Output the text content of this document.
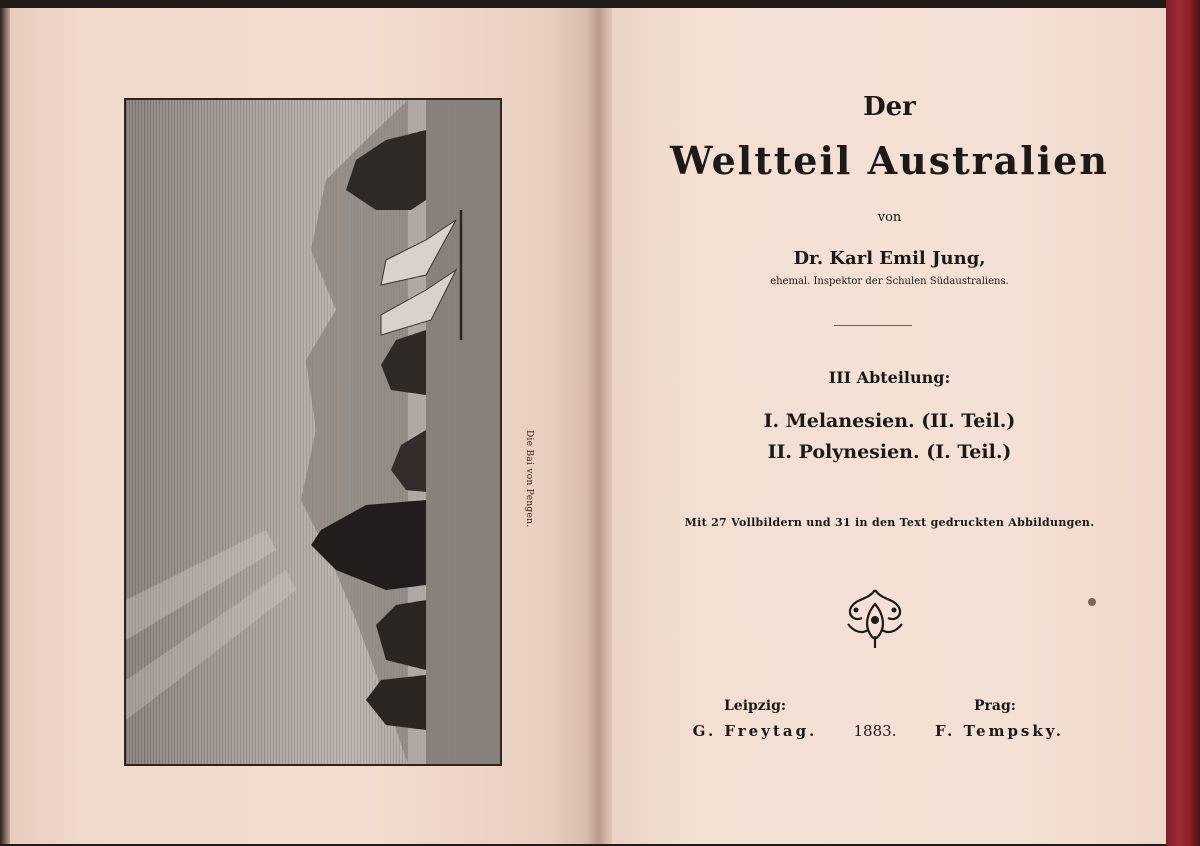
Die Bai von Pengen.
Der
Weltteil Australien
von
Dr. Karl Emil Jung,
ehemal. Inspektor der Schulen Südaustraliens.
III Abteilung:
I. Melanesien. (II. Teil.)
II. Polynesien. (I. Teil.)
Mit 27 Vollbildern und 31 in den Text gedruckten Abbildungen.
Leipzig:
G. Freytag.	1883.
Prag:
F. Tempsky.
